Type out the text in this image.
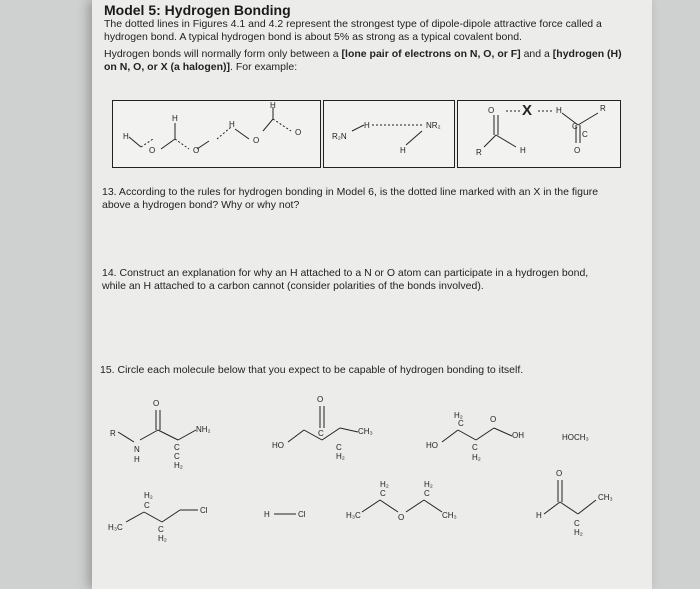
Model 5: Hydrogen Bonding
The dotted lines in Figures 4.1 and 4.2 represent the strongest type of dipole-dipole attractive force called a hydrogen bond. A typical hydrogen bond is about 5% as strong as a typical covalent bond.
Hydrogen bonds will normally form only between a [lone pair of electrons on N, O, or F] and a [hydrogen (H) on N, O, or X (a halogen)]. For example:
H
O
H
O
H
O
H
O	R₂N
H
H
NR₂
O X	H
R
C
R
H
C
O
13. According to the rules for hydrogen bonding in Model 6, is the dotted line marked with an X in the figure above a hydrogen bond? Why or why not?
14. Construct an explanation for why an H attached to a N or O atom can participate in a hydrogen bond, while an H attached to a carbon cannot (consider polarities of the bonds involved).
15. Circle each molecule below that you expect to be capable of hydrogen bonding to itself.
R
N
H
O
C
NH₂
C
H₂
O
HO
C
C
H₂
CH₃
HO
C
H₂
C
O
H₂
OH	HOCH₃
H₃C
C
H₂
C
H₂
Cl	H	Cl	H₃C
C
H₂
O
C
H₂
CH₃
O
H
C
H₂
CH₃
